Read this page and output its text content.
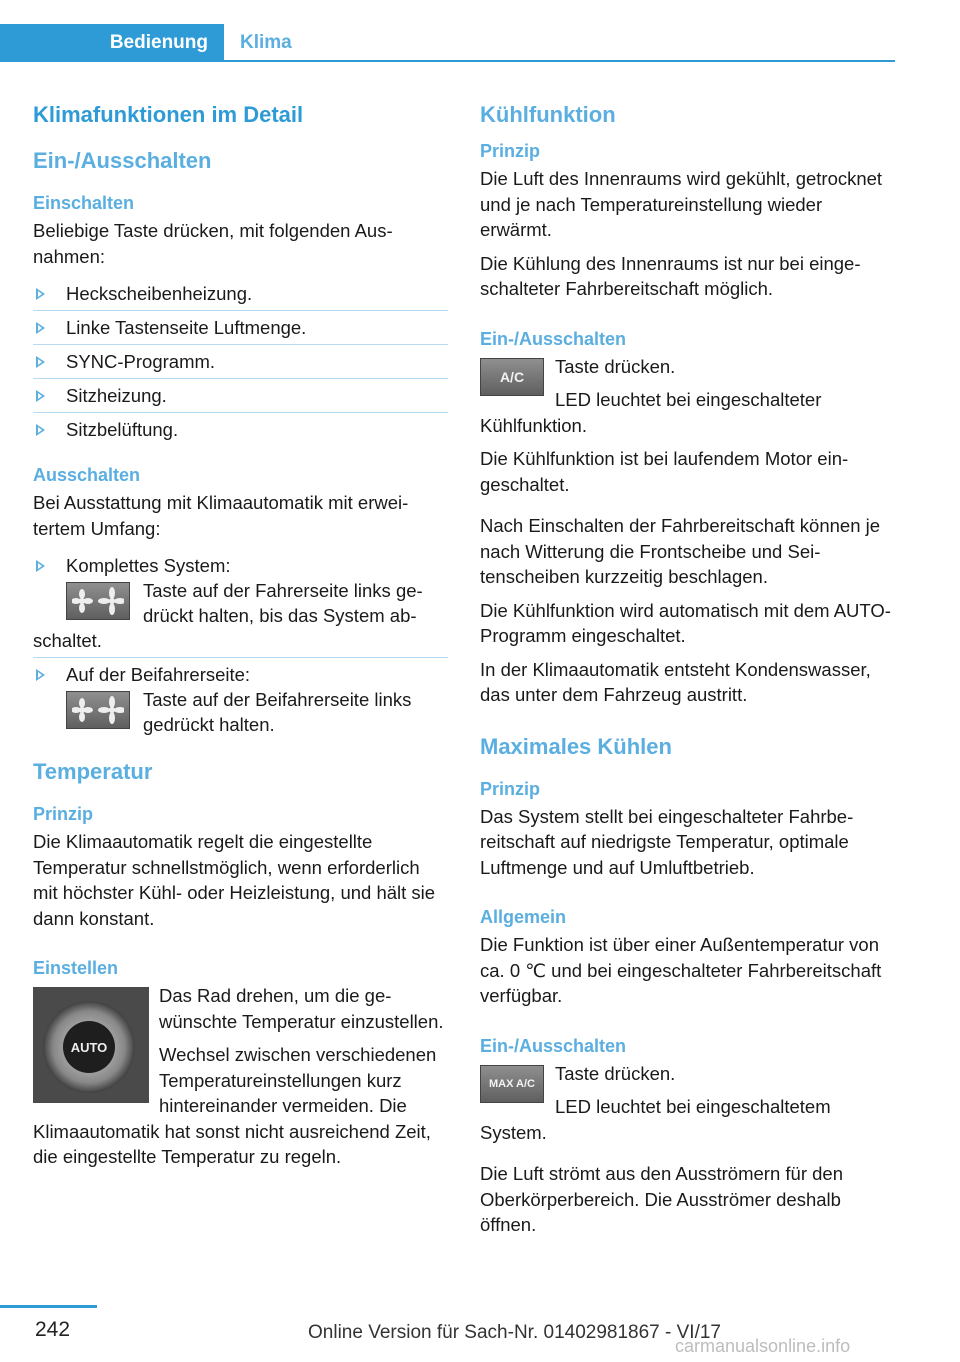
Bedienung	Klima
Klimafunktionen im Detail
Ein-/Ausschalten
Einschalten

Beliebige Taste drücken, mit folgenden Ausnahmen:

Heckscheibenheizung.
Linke Tastenseite Luftmenge.
SYNC-Programm.
Sitzheizung.
Sitzbelüftung.
Ausschalten

Bei Ausstattung mit Klimaautomatik mit erweitertem Umfang:

Komplettes System:
Taste auf der Fahrerseite links gedrückt halten, bis das System abschaltet.
Auf der Beifahrerseite:
Taste auf der Beifahrerseite links gedrückt halten.
Temperatur
Prinzip

Die Klimaautomatik regelt die eingestellte Temperatur schnellstmöglich, wenn erforderlich mit höchster Kühl- oder Heizleistung, und hält sie dann konstant.

Einstellen
AUTO

Das Rad drehen, um die gewünschte Temperatur einzustellen.

Wechsel zwischen verschiedenen Temperatureinstellungen kurz hintereinander vermeiden. Die Klimaautomatik hat sonst nicht ausreichend Zeit, die eingestellte Temperatur zu regeln.

Kühlfunktion
Prinzip

Die Luft des Innenraums wird gekühlt, getrocknet und je nach Temperatureinstellung wieder erwärmt.

Die Kühlung des Innenraums ist nur bei eingeschalteter Fahrbereitschaft möglich.

Ein-/Ausschalten
A/C	Taste drücken.

LED leuchtet bei eingeschalteter Kühlfunktion.

Die Kühlfunktion ist bei laufendem Motor eingeschaltet.

Nach Einschalten der Fahrbereitschaft können je nach Witterung die Frontscheibe und Seitenscheiben kurzzeitig beschlagen.

Die Kühlfunktion wird automatisch mit dem AUTO-Programm eingeschaltet.

In der Klimaautomatik entsteht Kondenswasser, das unter dem Fahrzeug austritt.

Maximales Kühlen
Prinzip

Das System stellt bei eingeschalteter Fahrbereitschaft auf niedrigste Temperatur, optimale Luftmenge und auf Umluftbetrieb.

Allgemein

Die Funktion ist über einer Außentemperatur von ca. 0 ℃ und bei eingeschalteter Fahrbereitschaft verfügbar.

Ein-/Ausschalten
MAX A/C	Taste drücken.

LED leuchtet bei eingeschaltetem System.

Die Luft strömt aus den Ausströmern für den Oberkörperbereich. Die Ausströmer deshalb öffnen.

242	Online Version für Sach-Nr. 01402981867 - VI/17
carmanualsonline.info
